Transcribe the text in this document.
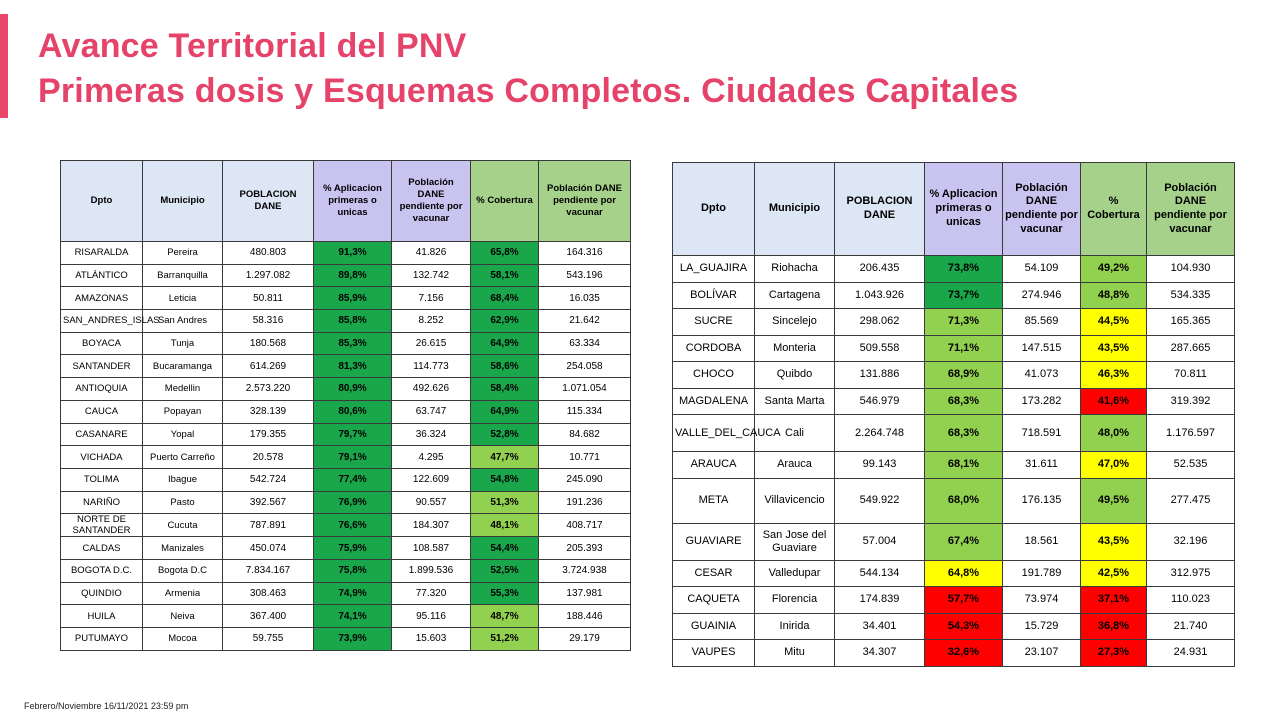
Avance Territorial del PNV
Primeras dosis y Esquemas Completos. Ciudades Capitales
Dpto	Municipio	POBLACION DANE	% Aplicacion primeras o unicas	Población DANE pendiente por vacunar	% Cobertura	Población DANE pendiente por vacunar
RISARALDA	Pereira	480.803	91,3%	41.826	65,8%	164.316
ATLÁNTICO	Barranquilla	1.297.082	89,8%	132.742	58,1%	543.196
AMAZONAS	Leticia	50.811	85,9%	7.156	68,4%	16.035
SAN_ANDRES_ISLAS	San Andres	58.316	85,8%	8.252	62,9%	21.642
BOYACA	Tunja	180.568	85,3%	26.615	64,9%	63.334
SANTANDER	Bucaramanga	614.269	81,3%	114.773	58,6%	254.058
ANTIOQUIA	Medellin	2.573.220	80,9%	492.626	58,4%	1.071.054
CAUCA	Popayan	328.139	80,6%	63.747	64,9%	115.334
CASANARE	Yopal	179.355	79,7%	36.324	52,8%	84.682
VICHADA	Puerto Carreño	20.578	79,1%	4.295	47,7%	10.771
TOLIMA	Ibague	542.724	77,4%	122.609	54,8%	245.090
NARIÑO	Pasto	392.567	76,9%	90.557	51,3%	191.236
NORTE DE SANTANDER	Cucuta	787.891	76,6%	184.307	48,1%	408.717
CALDAS	Manizales	450.074	75,9%	108.587	54,4%	205.393
BOGOTA D.C.	Bogota D.C	7.834.167	75,8%	1.899.536	52,5%	3.724.938
QUINDIO	Armenia	308.463	74,9%	77.320	55,3%	137.981
HUILA	Neiva	367.400	74,1%	95.116	48,7%	188.446
PUTUMAYO	Mocoa	59.755	73,9%	15.603	51,2%	29.179
Dpto	Municipio	POBLACION DANE	% Aplicacion primeras o unicas	Población DANE pendiente por vacunar	% Cobertura	Población DANE pendiente por vacunar
LA_GUAJIRA	Riohacha	206.435	73,8%	54.109	49,2%	104.930
BOLÍVAR	Cartagena	1.043.926	73,7%	274.946	48,8%	534.335
SUCRE	Sincelejo	298.062	71,3%	85.569	44,5%	165.365
CORDOBA	Monteria	509.558	71,1%	147.515	43,5%	287.665
CHOCO	Quibdo	131.886	68,9%	41.073	46,3%	70.811
MAGDALENA	Santa Marta	546.979	68,3%	173.282	41,6%	319.392
VALLE_DEL_CAUCA	Cali	2.264.748	68,3%	718.591	48,0%	1.176.597
ARAUCA	Arauca	99.143	68,1%	31.611	47,0%	52.535
META	Villavicencio	549.922	68,0%	176.135	49,5%	277.475
GUAVIARE	San Jose del Guaviare	57.004	67,4%	18.561	43,5%	32.196
CESAR	Valledupar	544.134	64,8%	191.789	42,5%	312.975
CAQUETA	Florencia	174.839	57,7%	73.974	37,1%	110.023
GUAINIA	Inirida	34.401	54,3%	15.729	36,8%	21.740
VAUPES	Mitu	34.307	32,6%	23.107	27,3%	24.931
Febrero/Noviembre 16/11/2021 23:59 pm
